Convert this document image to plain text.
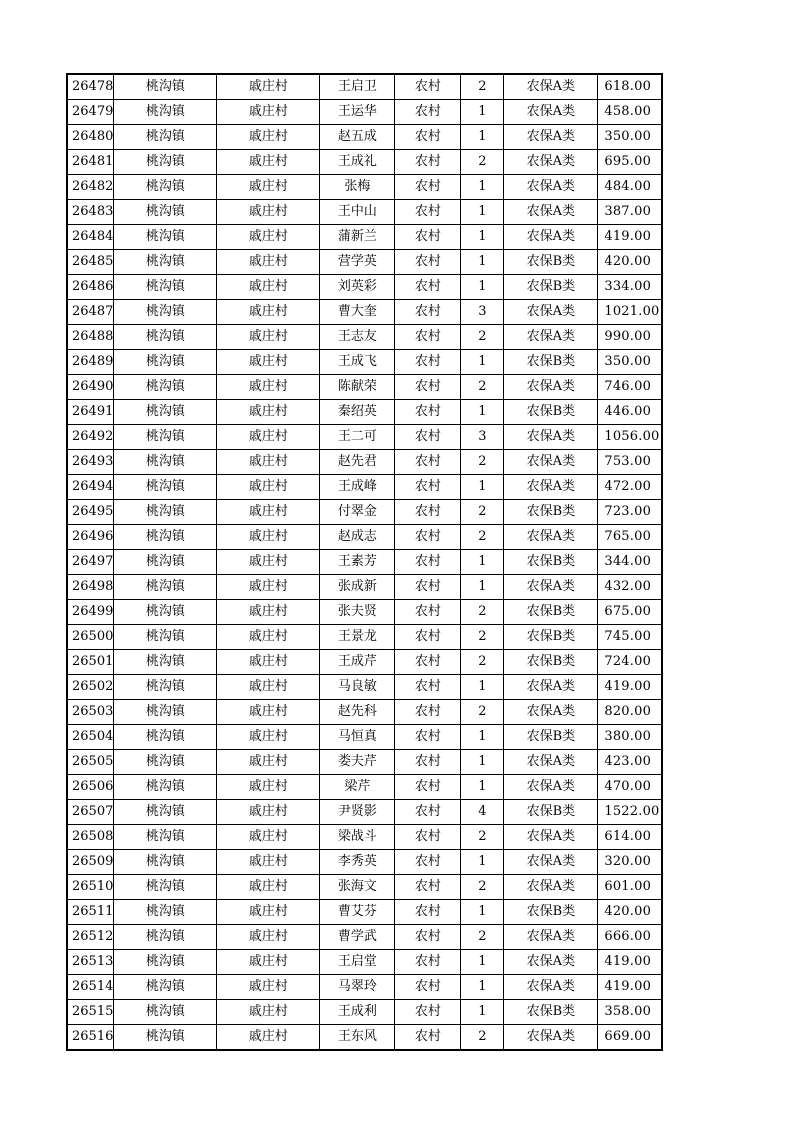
26478	桃沟镇	戚庄村	王启卫	农村	2	农保A类	618.00
26479	桃沟镇	戚庄村	王运华	农村	1	农保A类	458.00
26480	桃沟镇	戚庄村	赵五成	农村	1	农保A类	350.00
26481	桃沟镇	戚庄村	王成礼	农村	2	农保A类	695.00
26482	桃沟镇	戚庄村	张梅	农村	1	农保A类	484.00
26483	桃沟镇	戚庄村	王中山	农村	1	农保A类	387.00
26484	桃沟镇	戚庄村	蒲新兰	农村	1	农保A类	419.00
26485	桃沟镇	戚庄村	营学英	农村	1	农保B类	420.00
26486	桃沟镇	戚庄村	刘英彩	农村	1	农保B类	334.00
26487	桃沟镇	戚庄村	曹大奎	农村	3	农保A类	1021.00
26488	桃沟镇	戚庄村	王志友	农村	2	农保A类	990.00
26489	桃沟镇	戚庄村	王成飞	农村	1	农保B类	350.00
26490	桃沟镇	戚庄村	陈献荣	农村	2	农保A类	746.00
26491	桃沟镇	戚庄村	秦绍英	农村	1	农保B类	446.00
26492	桃沟镇	戚庄村	王二可	农村	3	农保A类	1056.00
26493	桃沟镇	戚庄村	赵先君	农村	2	农保A类	753.00
26494	桃沟镇	戚庄村	王成峰	农村	1	农保A类	472.00
26495	桃沟镇	戚庄村	付翠金	农村	2	农保B类	723.00
26496	桃沟镇	戚庄村	赵成志	农村	2	农保A类	765.00
26497	桃沟镇	戚庄村	王素芳	农村	1	农保B类	344.00
26498	桃沟镇	戚庄村	张成新	农村	1	农保A类	432.00
26499	桃沟镇	戚庄村	张夫贤	农村	2	农保B类	675.00
26500	桃沟镇	戚庄村	王景龙	农村	2	农保B类	745.00
26501	桃沟镇	戚庄村	王成芹	农村	2	农保B类	724.00
26502	桃沟镇	戚庄村	马良敏	农村	1	农保A类	419.00
26503	桃沟镇	戚庄村	赵先科	农村	2	农保A类	820.00
26504	桃沟镇	戚庄村	马恒真	农村	1	农保B类	380.00
26505	桃沟镇	戚庄村	娄夫芹	农村	1	农保A类	423.00
26506	桃沟镇	戚庄村	梁芹	农村	1	农保A类	470.00
26507	桃沟镇	戚庄村	尹贤影	农村	4	农保B类	1522.00
26508	桃沟镇	戚庄村	梁战斗	农村	2	农保A类	614.00
26509	桃沟镇	戚庄村	李秀英	农村	1	农保A类	320.00
26510	桃沟镇	戚庄村	张海文	农村	2	农保A类	601.00
26511	桃沟镇	戚庄村	曹艾芬	农村	1	农保B类	420.00
26512	桃沟镇	戚庄村	曹学武	农村	2	农保A类	666.00
26513	桃沟镇	戚庄村	王启堂	农村	1	农保A类	419.00
26514	桃沟镇	戚庄村	马翠玲	农村	1	农保A类	419.00
26515	桃沟镇	戚庄村	王成利	农村	1	农保B类	358.00
26516	桃沟镇	戚庄村	王东风	农村	2	农保A类	669.00
